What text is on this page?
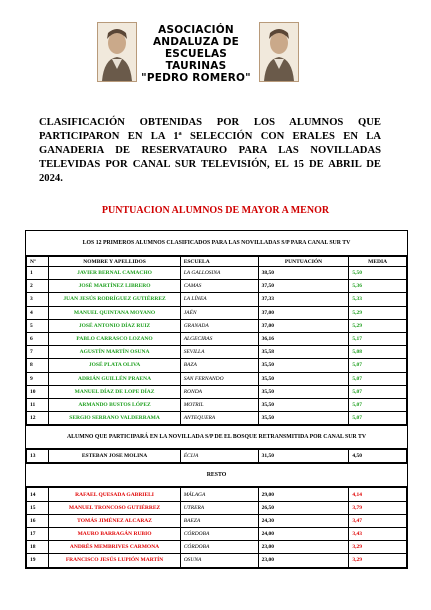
ASOCIACIÓN
ANDALUZA DE
ESCUELAS TAURINAS
"PEDRO ROMERO"
CLASIFICACIÓN OBTENIDAS POR LOS ALUMNOS QUE PARTICIPARON EN LA 1ª SELECCIÓN CON ERALES EN LA GANADERIA DE RESERVATAURO PARA LAS NOVILLADAS TELEVIDAS POR CANAL SUR TELEVISIÓN, EL 15 DE ABRIL DE 2024.
PUNTUACION ALUMNOS DE MAYOR A MENOR
LOS 12 PRIMEROS ALUMNOS CLASIFICADOS PARA LAS NOVILLADAS S/P PARA CANAL SUR TV
Nº	NOMBRE Y APELLIDOS	ESCUELA	PUNTUACIÓN	MEDIA
1	JAVIER BERNAL CAMACHO	LA GALLOSINA	38,50	5,50
2	JOSÉ MARTÍNEZ LIBRERO	CAMAS	37,50	5,36
3	JUAN JESÚS RODRÍGUEZ GUTIÉRREZ	LA LÍNEA	37,33	5,33
4	MANUEL QUINTANA MOYANO	JAÉN	37,00	5,29
5	JOSÉ ANTONIO DÍAZ RUIZ	GRANADA	37,00	5,29
6	PABLO CARRASCO LOZANO	ALGECIRAS	36,16	5,17
7	AGUSTÍN MARTÍN OSUNA	SEVILLA	35,58	5,08
8	JOSÉ PLATA OLIVA	BAZA	35,50	5,07
9	ADRIÁN GUILLÉN PRAENA	SAN FERNANDO	35,50	5,07
10	MANUEL DÍAZ DE LOPE DÍAZ	RONDA	35,50	5,07
11	ARMANDO BUSTOS LÓPEZ	MOTRIL	35,50	5,07
12	SERGIO SERRANO VALDERRAMA	ANTEQUERA	35,50	5,07
ALUMNO QUE PARTICIPARÁ EN LA NOVILLADA S/P DE EL BOSQUE RETRANSMITIDA POR CANAL SUR TV
13	ESTEBAN JOSE MOLINA	ÉCIJA	31,50	4,50
RESTO
14	RAFAEL QUESADA GABRIELI	MÁLAGA	29,00	4,14
15	MANUEL TRONCOSO GUTIÉRREZ	UTRERA	26,50	3,79
16	TOMÁS JIMÉNEZ ALCARAZ	BAEZA	24,30	3,47
17	MAURO BARRAGÁN RUBIO	CÓRDOBA	24,00	3,43
18	ANDRÉS MEMBRIVES CARMONA	CÓRDOBA	23,00	3,29
19	FRANCISCO JESÚS LUPIÓN MARTÍN	OSUNA	23,00	3,29
